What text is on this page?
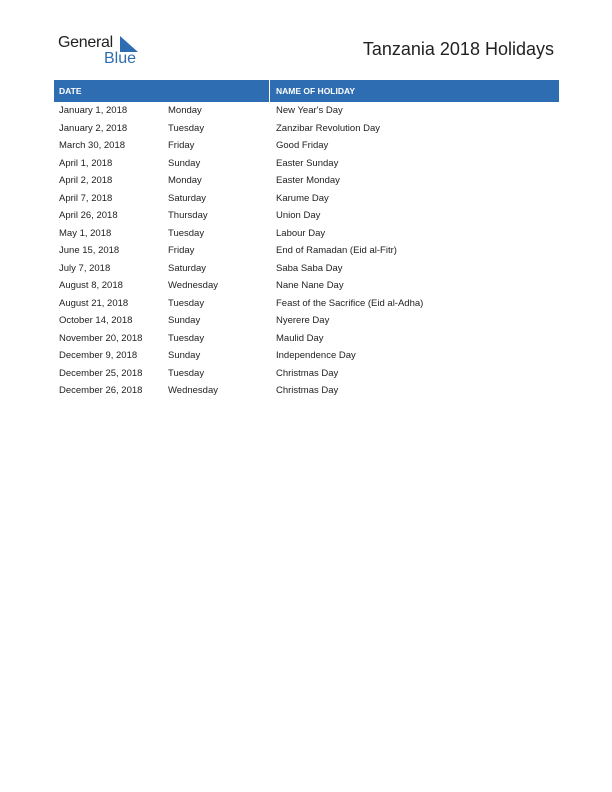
General
Blue	Tanzania 2018 Holidays
DATE	NAME OF HOLIDAY
January 1, 2018	Monday	New Year's Day
January 2, 2018	Tuesday	Zanzibar Revolution Day
March 30, 2018	Friday	Good Friday
April 1, 2018	Sunday	Easter Sunday
April 2, 2018	Monday	Easter Monday
April 7, 2018	Saturday	Karume Day
April 26, 2018	Thursday	Union Day
May 1, 2018	Tuesday	Labour Day
June 15, 2018	Friday	End of Ramadan (Eid al-Fitr)
July 7, 2018	Saturday	Saba Saba Day
August 8, 2018	Wednesday	Nane Nane Day
August 21, 2018	Tuesday	Feast of the Sacrifice (Eid al-Adha)
October 14, 2018	Sunday	Nyerere Day
November 20, 2018	Tuesday	Maulid Day
December 9, 2018	Sunday	Independence Day
December 25, 2018	Tuesday	Christmas Day
December 26, 2018	Wednesday	Christmas Day
